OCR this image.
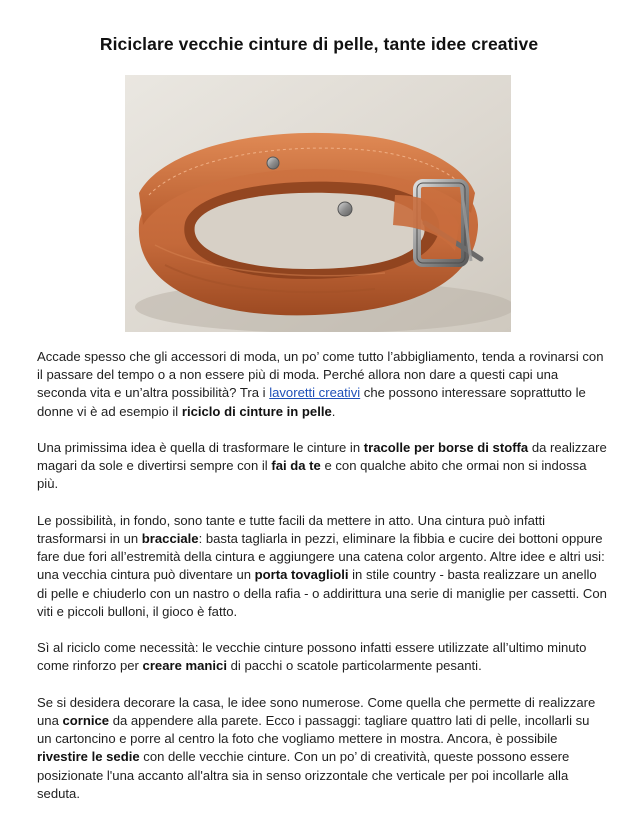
Riciclare vecchie cinture di pelle, tante idee creative

Accade spesso che gli accessori di moda, un po’ come tutto l’abbigliamento, tenda a rovinarsi con il passare del tempo o a non essere più di moda. Perché allora non dare a questi capi una seconda vita e un’altra possibilità? Tra i lavoretti creativi che possono interessare soprattutto le donne vi è ad esempio il riciclo di cinture in pelle.

Una primissima idea è quella di trasformare le cinture in tracolle per borse di stoffa da realizzare magari da sole e divertirsi sempre con il fai da te e con qualche abito che ormai non si indossa più.

Le possibilità, in fondo, sono tante e tutte facili da mettere in atto. Una cintura può infatti trasformarsi in un bracciale: basta tagliarla in pezzi, eliminare la fibbia e cucire dei bottoni oppure fare due fori all’estremità della cintura e aggiungere una catena color argento. Altre idee e altri usi: una vecchia cintura può diventare un porta tovaglioli in stile country - basta realizzare un anello di pelle e chiuderlo con un nastro o della rafia - o addirittura una serie di maniglie per cassetti. Con viti e piccoli bulloni, il gioco è fatto.

Sì al riciclo come necessità: le vecchie cinture possono infatti essere utilizzate all’ultimo minuto come rinforzo per creare manici di pacchi o scatole particolarmente pesanti.

Se si desidera decorare la casa, le idee sono numerose. Come quella che permette di realizzare una cornice da appendere alla parete. Ecco i passaggi: tagliare quattro lati di pelle, incollarli su un cartoncino e porre al centro la foto che vogliamo mettere in mostra. Ancora, è possibile rivestire le sedie con delle vecchie cinture. Con un po’ di creatività, queste possono essere posizionate l'una accanto all'altra sia in senso orizzontale che verticale per poi incollarle alla seduta.
